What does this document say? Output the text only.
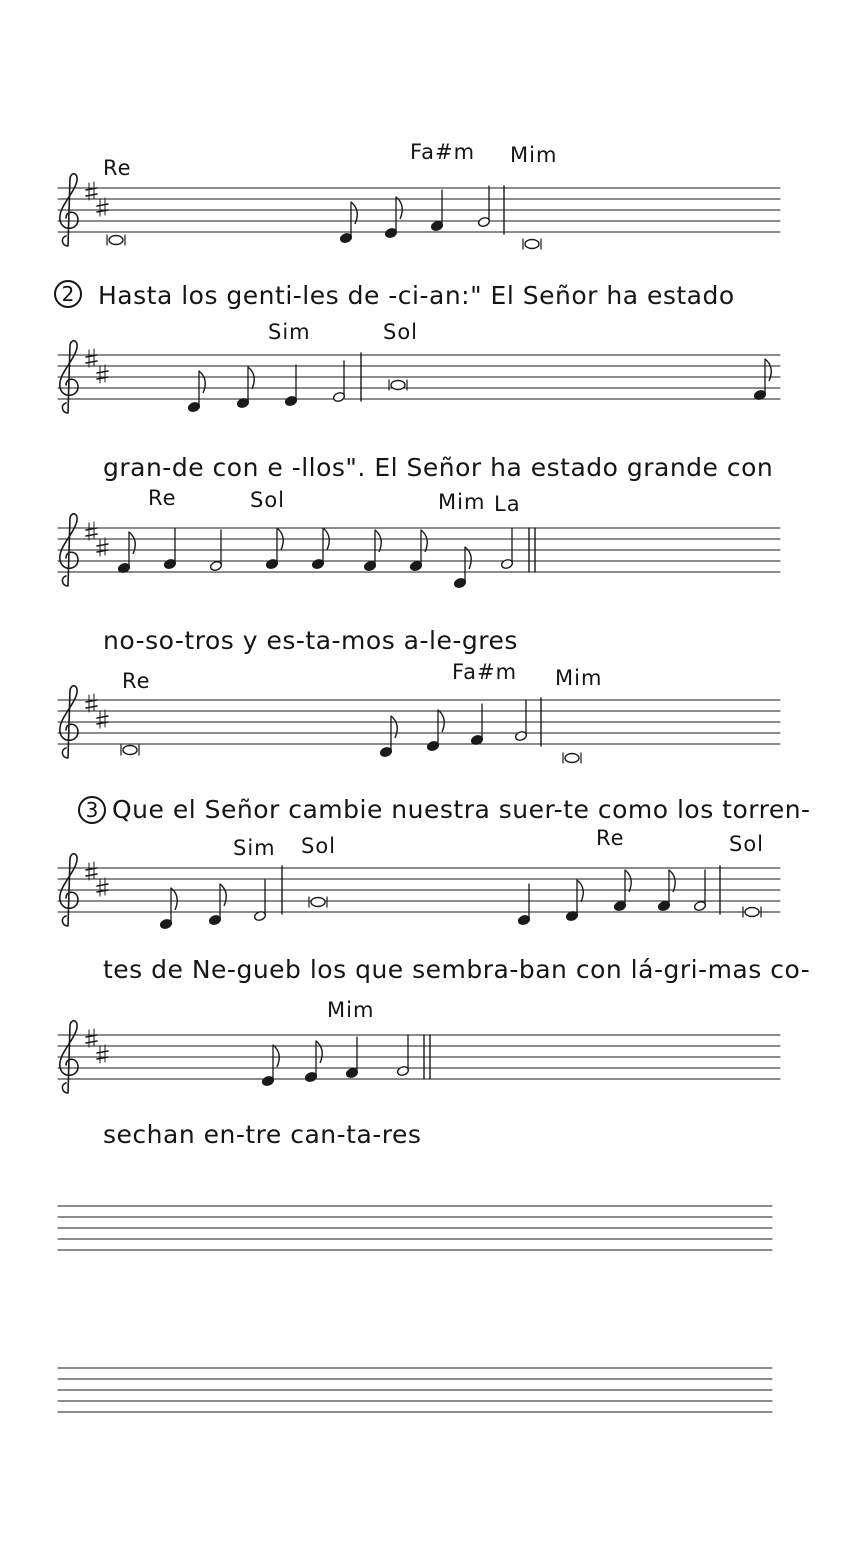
Re
Fa#m Mim
2 Hasta los genti-les de -ci-an:" El Señor ha estado
Sim	Sol
gran-de con e -llos". El Señor ha estado grande con
Re	Sol	Mim La
no-so-tros y es-ta-mos a-le-gres
Re	Fa#m Mim
3 Que el Señor cambie nuestra suer-te como los torren-
Sim Sol	Re	Sol
tes de Ne-gueb los que sembra-ban con lá-gri-mas co-
Mim
sechan en-tre can-ta-res
